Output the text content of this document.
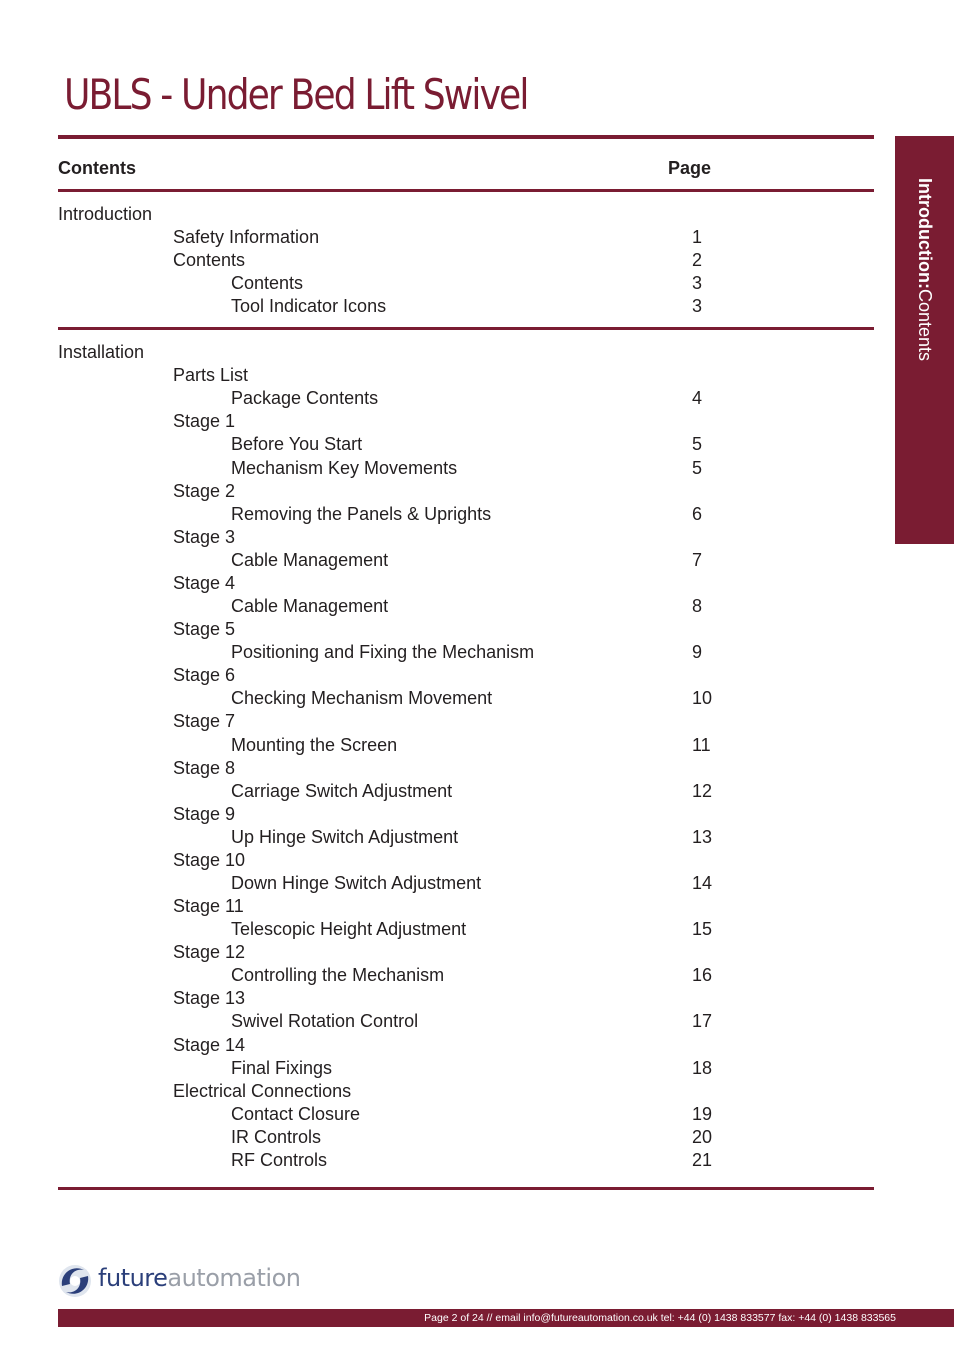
UBLS - Under Bed Lift Swivel
Contents	Page
Introduction
Safety Information	1
Contents	2
Contents	3
Tool Indicator Icons	3
Installation
Parts List
Package Contents	4
Stage 1
Before You Start	5
Mechanism Key Movements	5
Stage 2
Removing the Panels & Uprights	6
Stage 3
Cable Management	7
Stage 4
Cable Management	8
Stage 5
Positioning and Fixing the Mechanism	9
Stage 6
Checking Mechanism Movement	10
Stage 7
Mounting the Screen	11
Stage 8
Carriage Switch Adjustment	12
Stage 9
Up Hinge Switch Adjustment	13
Stage 10
Down Hinge Switch Adjustment	14
Stage 11
Telescopic Height Adjustment	15
Stage 12
Controlling the Mechanism	16
Stage 13
Swivel Rotation Control	17
Stage 14
Final Fixings	18
Electrical Connections
Contact Closure	19
IR Controls	20
RF Controls	21
Introduction:
Contents
futureautomation
Page 2 of 24 // email info@futureautomation.co.uk tel: +44 (0) 1438 833577 fax: +44 (0) 1438 833565
